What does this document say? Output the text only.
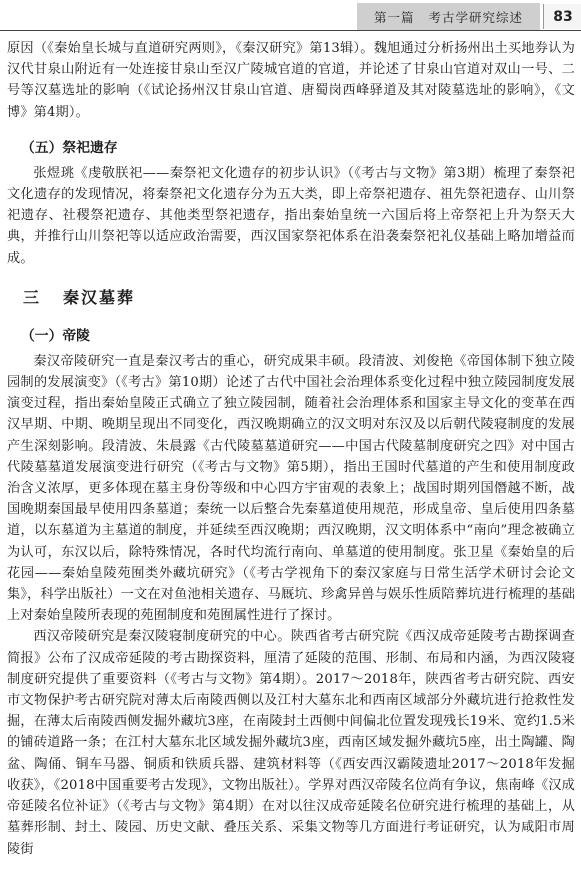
第一篇 考古学研究综述	83

原因（《秦始皇长城与直道研究两则》，《秦汉研究》第13辑）。魏旭通过分析扬州出土买地券认为汉代甘泉山附近有一处连接甘泉山至汉广陵城官道的官道，并论述了甘泉山官道对双山一号、二号等汉墓选址的影响（《试论扬州汉甘泉山官道、唐蜀岗西峰驿道及其对陵墓选址的影响》，《文博》第4期）。

（五）祭祀遗存

张煜珧《虔敬朕祀——秦祭祀文化遗存的初步认识》（《考古与文物》第3期）梳理了秦祭祀文化遗存的发现情况，将秦祭祀文化遗存分为五大类，即上帝祭祀遗存、祖先祭祀遗存、山川祭祀遗存、社稷祭祀遗存、其他类型祭祀遗存，指出秦始皇统一六国后将上帝祭祀上升为祭天大典，并推行山川祭祀等以适应政治需要，西汉国家祭祀体系在沿袭秦祭祀礼仪基础上略加增益而成。

三 秦汉墓葬
（一）帝陵

秦汉帝陵研究一直是秦汉考古的重心，研究成果丰硕。段清波、刘俊艳《帝国体制下独立陵园制的发展演变》（《考古》第10期）论述了古代中国社会治理体系变化过程中独立陵园制度发展演变过程，指出秦始皇陵正式确立了独立陵园制，随着社会治理体系和国家主导文化的变革在西汉早期、中期、晚期呈现出不同变化，西汉晚期确立的汉文明对东汉及以后朝代陵寝制度的发展产生深刻影响。段清波、朱晨露《古代陵墓墓道研究——中国古代陵墓制度研究之四》对中国古代陵墓墓道发展演变进行研究（《考古与文物》第5期），指出王国时代墓道的产生和使用制度政治含义浓厚，更多体现在墓主身份等级和中心四方宇宙观的表象上；战国时期列国僭越不断，战国晚期秦国最早使用四条墓道；秦统一以后整合先秦墓道使用规范，形成皇帝、皇后使用四条墓道，以东墓道为主墓道的制度，并延续至西汉晚期；西汉晚期，汉文明体系中“南向”理念被确立为认可，东汉以后，除特殊情况，各时代均流行南向、单墓道的使用制度。张卫星《秦始皇的后花园——秦始皇陵苑囿类外藏坑研究》（《考古学视角下的秦汉家庭与日常生活学术研讨会论文集》，科学出版社）一文在对鱼池相关遗存、马厩坑、珍禽异兽与娱乐性质陪葬坑进行梳理的基础上对秦始皇陵所表现的苑囿制度和苑囿属性进行了探讨。

西汉帝陵研究是秦汉陵寝制度研究的中心。陕西省考古研究院《西汉成帝延陵考古勘探调查简报》公布了汉成帝延陵的考古勘探资料，厘清了延陵的范围、形制、布局和内涵，为西汉陵寝制度研究提供了重要资料（《考古与文物》第4期）。2017～2018年，陕西省考古研究院、西安市文物保护考古研究院对薄太后南陵西侧以及江村大墓东北和西南区域部分外藏坑进行抢救性发掘，在薄太后南陵西侧发掘外藏坑3座，在南陵封土西侧中间偏北位置发现残长19米、宽约1.5米的铺砖道路一条；在江村大墓东北区域发掘外藏坑3座，西南区域发掘外藏坑5座，出土陶罐、陶盆、陶俑、铜车马器、铜质和铁质兵器、建筑材料等（《西安西汉霸陵遗址2017～2018年发掘收获》，《2018中国重要考古发现》，文物出版社）。学界对西汉帝陵名位尚有争议，焦南峰《汉成帝延陵名位补证》（《考古与文物》第4期）在对以往汉成帝延陵名位研究进行梳理的基础上，从墓葬形制、封土、陵园、历史文献、叠压关系、采集文物等几方面进行考证研究，认为咸阳市周陵街
